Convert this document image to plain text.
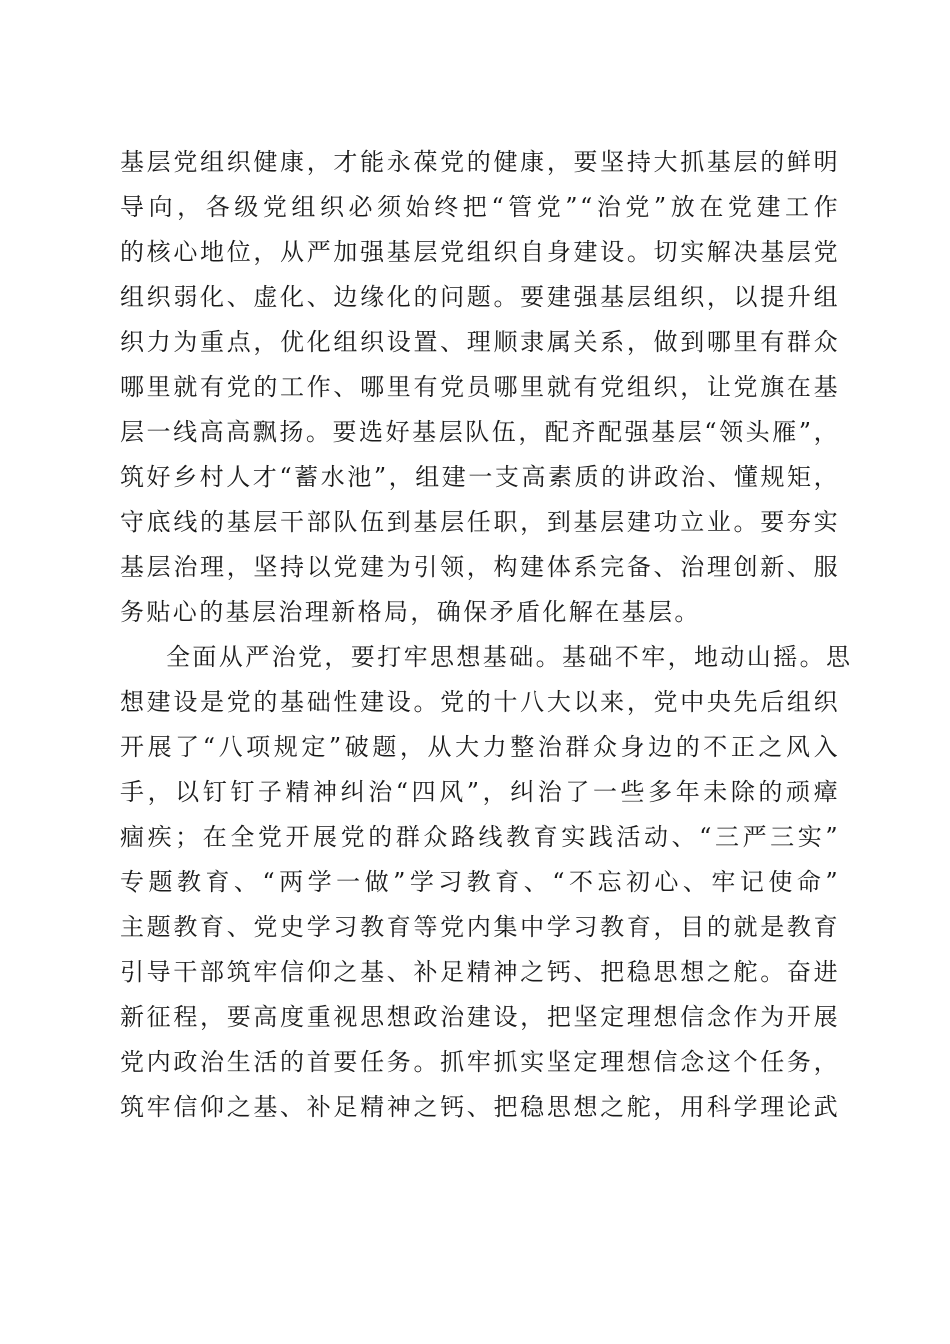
基层党组织健康，才能永葆党的健康，要坚持大抓基层的鲜明
导向，各级党组织必须始终把“管党”“治党”放在党建工作
的核心地位，从严加强基层党组织自身建设。切实解决基层党
组织弱化、虚化、边缘化的问题。要建强基层组织，以提升组
织力为重点，优化组织设置、理顺隶属关系，做到哪里有群众
哪里就有党的工作、哪里有党员哪里就有党组织，让党旗在基
层一线高高飘扬。要选好基层队伍，配齐配强基层“领头雁”，
筑好乡村人才“蓄水池”，组建一支高素质的讲政治、懂规矩，
守底线的基层干部队伍到基层任职，到基层建功立业。要夯实
基层治理，坚持以党建为引领，构建体系完备、治理创新、服
务贴心的基层治理新格局，确保矛盾化解在基层。
全面从严治党，要打牢思想基础。基础不牢，地动山摇。思
想建设是党的基础性建设。党的十八大以来，党中央先后组织
开展了“八项规定”破题，从大力整治群众身边的不正之风入
手，以钉钉子精神纠治“四风”，纠治了一些多年未除的顽瘴
痼疾；在全党开展党的群众路线教育实践活动、“三严三实”
专题教育、“两学一做”学习教育、“不忘初心、牢记使命”
主题教育、党史学习教育等党内集中学习教育，目的就是教育
引导干部筑牢信仰之基、补足精神之钙、把稳思想之舵。奋进
新征程，要高度重视思想政治建设，把坚定理想信念作为开展
党内政治生活的首要任务。抓牢抓实坚定理想信念这个任务，
筑牢信仰之基、补足精神之钙、把稳思想之舵，用科学理论武
